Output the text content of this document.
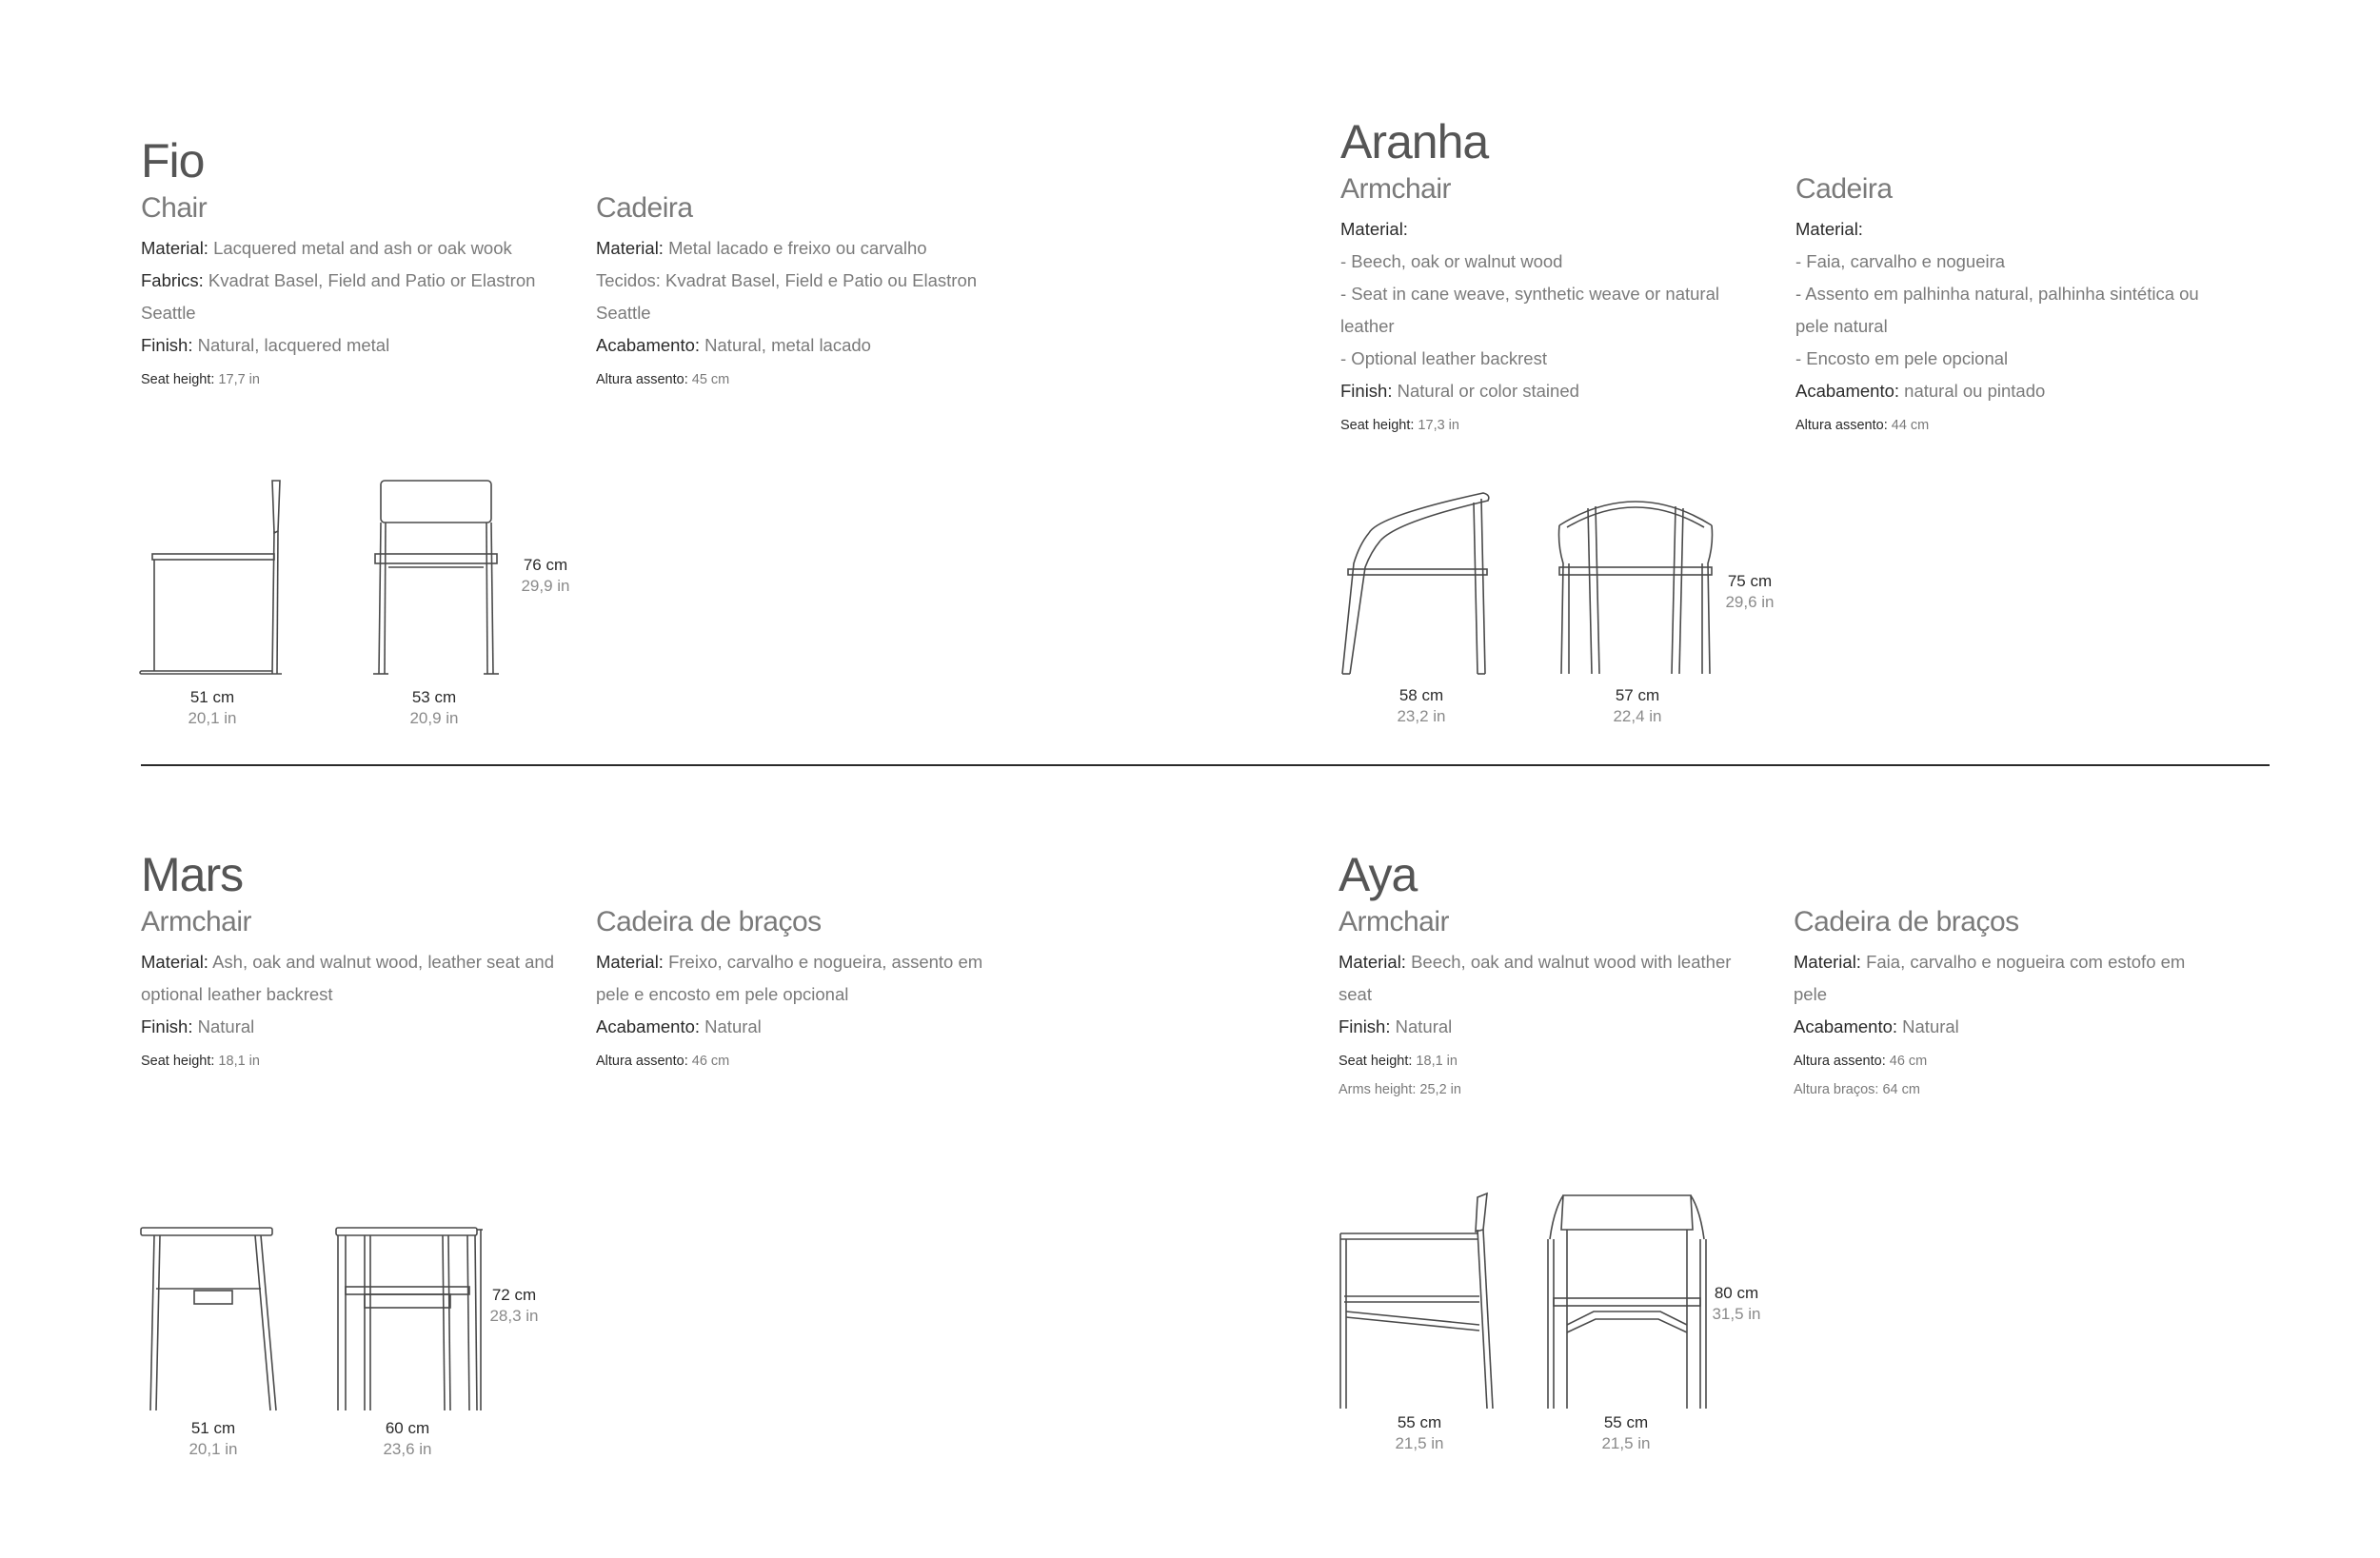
Fio
Chair
Material: Lacquered metal and ash or oak wook
Fabrics: Kvadrat Basel, Field and Patio or Elastron Seattle
Finish: Natural, lacquered metal
Seat height: 17,7 in
Cadeira
Material: Metal lacado e freixo ou carvalho
Tecidos: Kvadrat Basel, Field e Patio ou Elastron Seattle
Acabamento: Natural, metal lacado
Altura assento: 45 cm
51 cm
20,1 in
53 cm
20,9 in
76 cm
29,9 in
Aranha
Armchair
Material:
- Beech, oak or walnut wood
- Seat in cane weave, synthetic weave or natural leather
- Optional leather backrest
Finish: Natural or color stained
Seat height: 17,3 in
Cadeira
Material:
- Faia, carvalho e nogueira
- Assento em palhinha natural, palhinha sintética ou pele natural
- Encosto em pele opcional
Acabamento: natural ou pintado
Altura assento: 44 cm
58 cm
23,2 in
57 cm
22,4 in
75 cm
29,6 in
Mars
Armchair
Material: Ash, oak and walnut wood, leather seat and optional leather backrest
Finish: Natural
Seat height: 18,1 in
Cadeira de braços
Material: Freixo, carvalho e nogueira, assento em pele e encosto em pele opcional
Acabamento: Natural
Altura assento: 46 cm
51 cm
20,1 in
60 cm
23,6 in
72 cm
28,3 in
Aya
Armchair
Material: Beech, oak and walnut wood with leather seat
Finish: Natural
Seat height: 18,1 in
Arms height: 25,2 in
Cadeira de braços
Material: Faia, carvalho e nogueira com estofo em pele
Acabamento: Natural
Altura assento: 46 cm
Altura braços: 64 cm
55 cm
21,5 in
55 cm
21,5 in
80 cm
31,5 in
